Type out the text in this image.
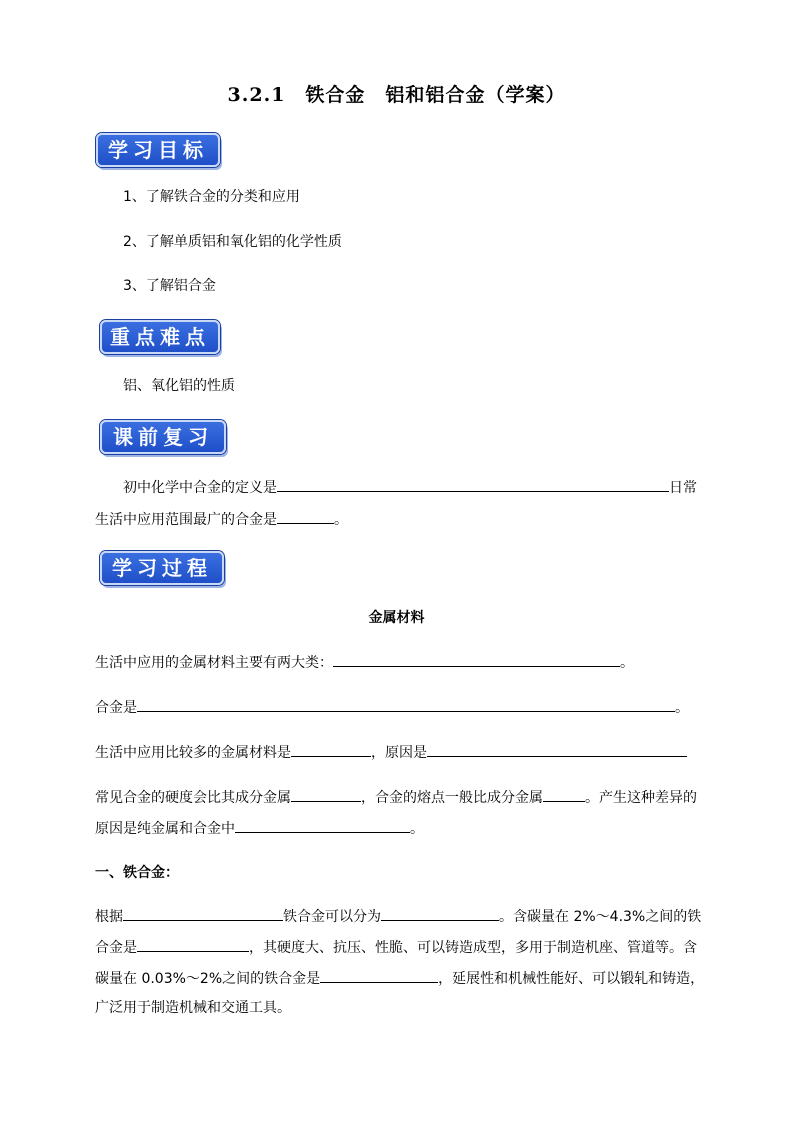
3.2.1　铁合金　铝和铝合金（学案）
学习目标
1、了解铁合金的分类和应用
2、了解单质铝和氧化铝的化学性质
3、了解铝合金
重点难点
铝、氧化铝的性质
课前复习
初中化学中合金的定义是	日常
生活中应用范围最广的合金是	。
学习过程
金属材料
生活中应用的金属材料主要有两大类：	。
合金是	。
生活中应用比较多的金属材料是	，原因是
常见合金的硬度会比其成分金属	，合金的熔点一般比成分金属	。产生这种差异的
原因是纯金属和合金中	。
一、铁合金：
根据	铁合金可以分为	。含碳量在 2%～4.3%之间的铁
合金是	，其硬度大、抗压、性脆、可以铸造成型，多用于制造机座、管道等。含
碳量在 0.03%～2%之间的铁合金是	，延展性和机械性能好、可以锻轧和铸造，
广泛用于制造机械和交通工具。
